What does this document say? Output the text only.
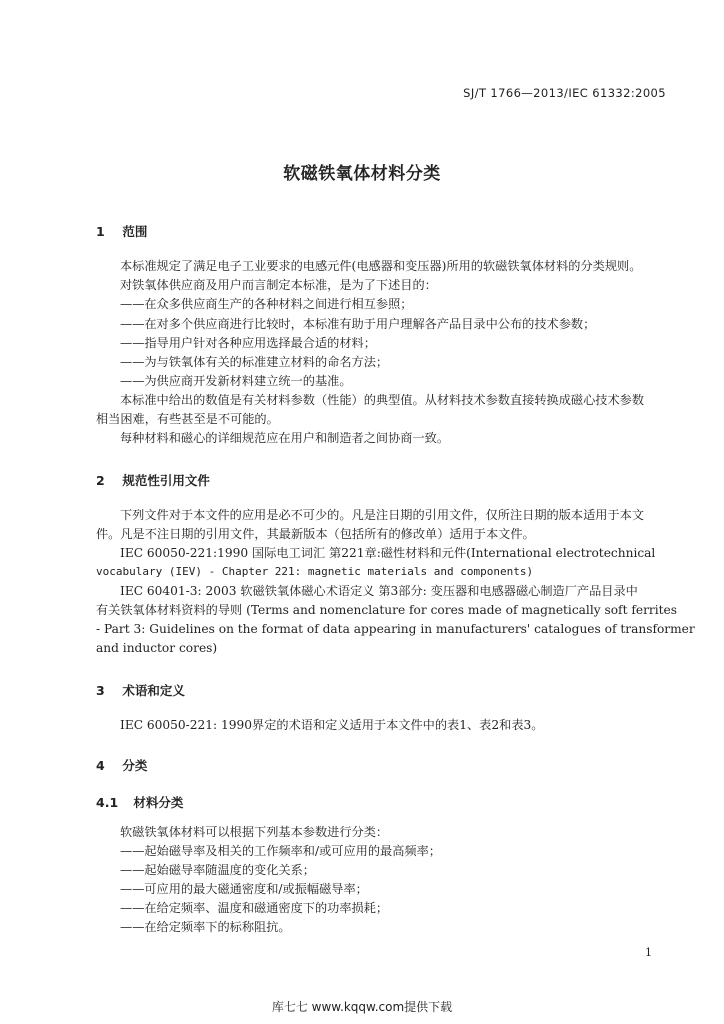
SJ/T 1766—2013/IEC 61332:2005
软磁铁氧体材料分类
1 范围
本标准规定了满足电子工业要求的电感元件(电感器和变压器)所用的软磁铁氧体材料的分类规则。
对铁氧体供应商及用户而言制定本标准，是为了下述目的：
——在众多供应商生产的各种材料之间进行相互参照；
——在对多个供应商进行比较时，本标准有助于用户理解各产品目录中公布的技术参数；
——指导用户针对各种应用选择最合适的材料；
——为与铁氧体有关的标准建立材料的命名方法；
——为供应商开发新材料建立统一的基准。
本标准中给出的数值是有关材料参数（性能）的典型值。从材料技术参数直接转换成磁心技术参数
相当困难，有些甚至是不可能的。
每种材料和磁心的详细规范应在用户和制造者之间协商一致。
2 规范性引用文件
下列文件对于本文件的应用是必不可少的。凡是注日期的引用文件，仅所注日期的版本适用于本文
件。凡是不注日期的引用文件，其最新版本（包括所有的修改单）适用于本文件。
IEC 60050-221:1990 国际电工词汇 第221章:磁性材料和元件(International electrotechnical
vocabulary (IEV) - Chapter 221: magnetic materials and components)
IEC 60401-3: 2003 软磁铁氧体磁心术语定义 第3部分: 变压器和电感器磁心制造厂产品目录中
有关铁氧体材料资料的导则 (Terms and nomenclature for cores made of magnetically soft ferrites
- Part 3: Guidelines on the format of data appearing in manufacturers' catalogues of transformer
and inductor cores)
3 术语和定义
IEC 60050-221: 1990界定的术语和定义适用于本文件中的表1、表2和表3。
4 分类
4.1 材料分类
软磁铁氧体材料可以根据下列基本参数进行分类：
——起始磁导率及相关的工作频率和/或可应用的最高频率；
——起始磁导率随温度的变化关系；
——可应用的最大磁通密度和/或振幅磁导率；
——在给定频率、温度和磁通密度下的功率损耗；
——在给定频率下的标称阻抗。
1
库七七 www.kqqw.com提供下载
